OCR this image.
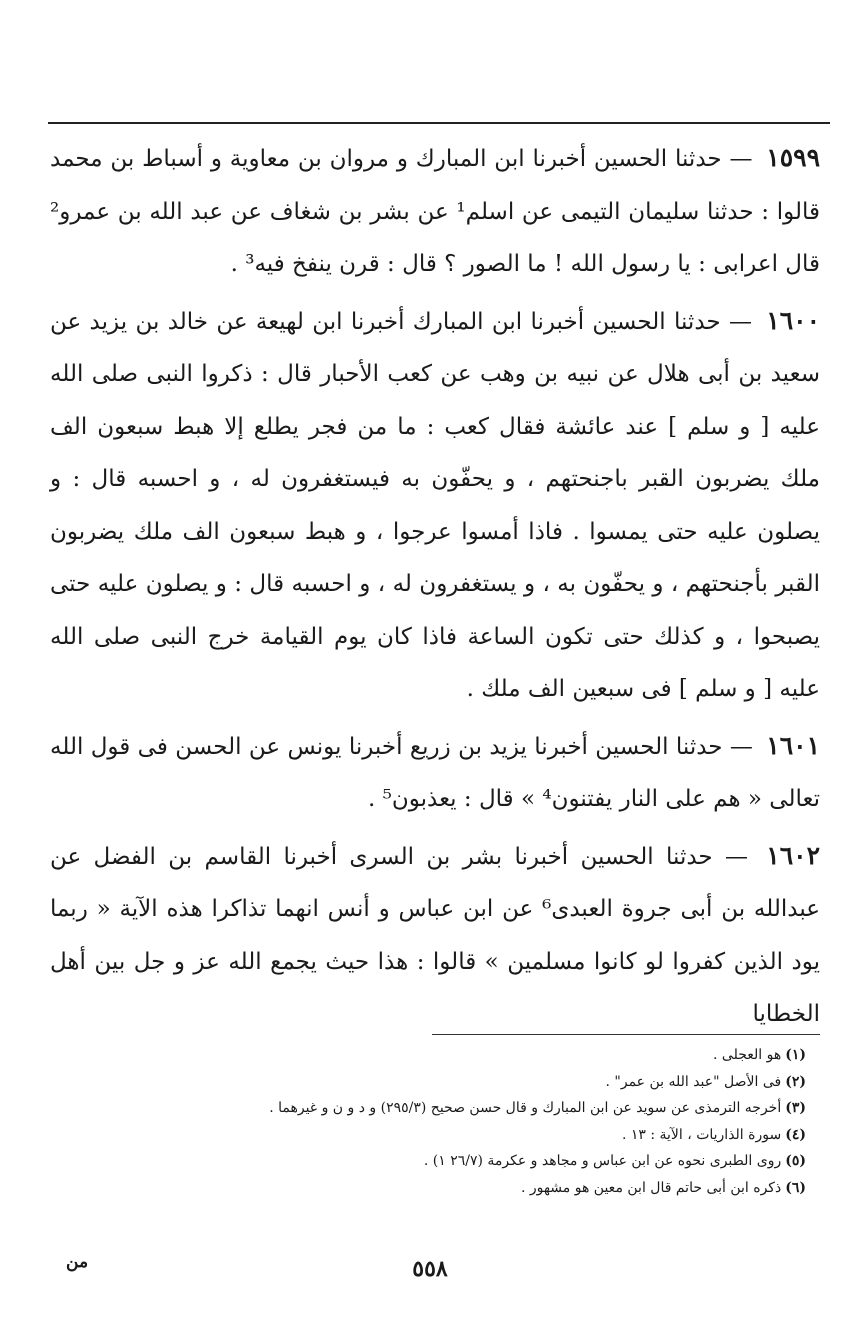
١٥٩٩ — حدثنا الحسين أخبرنا ابن المبارك و مروان بن معاوية و أسباط بن محمد قالوا : حدثنا سليمان التيمى عن اسلم¹ عن بشر بن شغاف عن عبد الله بن عمرو² قال اعرابى : يا رسول الله ! ما الصور ؟ قال : قرن ينفخ فيه³ .

١٦٠٠ — حدثنا الحسين أخبرنا ابن المبارك أخبرنا ابن لهيعة عن خالد بن يزيد عن سعيد بن أبى هلال عن نبيه بن وهب عن كعب الأحبار قال : ذكروا النبى صلى الله عليه [ و سلم ] عند عائشة فقال كعب : ما من فجر يطلع إلا هبط سبعون الف ملك يضربون القبر باجنحتهم ، و يحفّون به فيستغفرون له ، و احسبه قال : و يصلون عليه حتى يمسوا . فاذا أمسوا عرجوا ، و هبط سبعون الف ملك يضربون القبر بأجنحتهم ، و يحفّون به ، و يستغفرون له ، و احسبه قال : و يصلون عليه حتى يصبحوا ، و كذلك حتى تكون الساعة فاذا كان يوم القيامة خرج النبى صلى الله عليه [ و سلم ] فى سبعين الف ملك .

١٦٠١ — حدثنا الحسين أخبرنا يزيد بن زريع أخبرنا يونس عن الحسن فى قول الله تعالى « هم على النار يفتنون⁴ » قال : يعذبون⁵ .

١٦٠٢ — حدثنا الحسين أخبرنا بشر بن السرى أخبرنا القاسم بن الفضل عن عبدالله بن أبى جروة العبدى⁶ عن ابن عباس و أنس انهما تذاكرا هذه الآية « ربما يود الذين كفروا لو كانوا مسلمين » قالوا : هذا حيث يجمع الله عز و جل بين أهل الخطايا

(١)هو العجلى .

(٢)فى الأصل "عبد الله بن عمر" .

(٣)أخرجه الترمذى عن سويد عن ابن المبارك و قال حسن صحيح (٢٩٥/٣) و د و ن و غيرهما .

(٤)سورة الذاريات ، الآية : ١٣ .

(٥)روى الطبرى نحوه عن ابن عباس و مجاهد و عكرمة (٢٦/٧ ١) .

(٦)ذكره ابن أبى حاتم قال ابن معين هو مشهور .

٥٥٨
من
